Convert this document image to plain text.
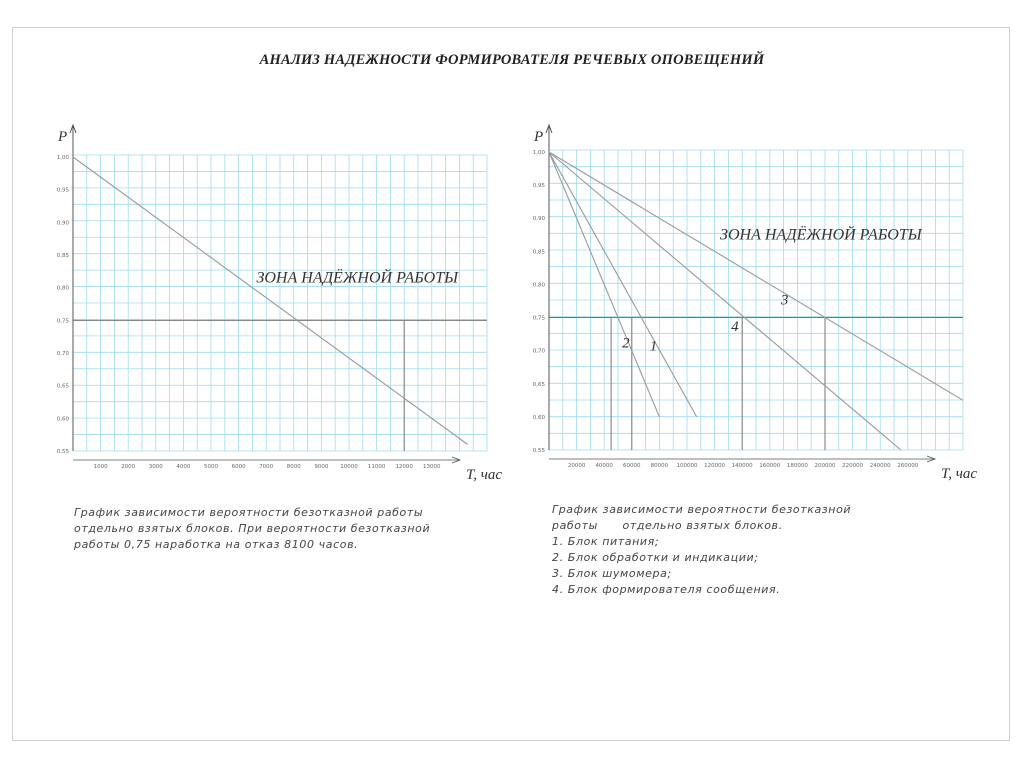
АНАЛИЗ НАДЕЖНОСТИ ФОРМИРОВАТЕЛЯ РЕЧЕВЫХ ОПОВЕЩЕНИЙ
P
T, час
0,55
0,60
0,65
0,70
0,75
0,80
0,85
0,90
0,95
1,00
1000 2000 3000 4000 5000 6000 7000 8000 9000 10000 11000 12000 13000
ЗОНА НАДЁЖНОЙ РАБОТЫ
P
T, час
0,55
0,60
0,65
0,70
0,75
0,80
0,85
0,90
0,95
1,00
20000 40000 60000 80000 100000 120000 140000 160000 180000 200000 220000 240000 260000
1
2
3
4
ЗОНА НАДЁЖНОЙ РАБОТЫ
График зависимости вероятности безотказной работы
отдельно взятых блоков. При вероятности безотказной
работы 0,75 наработка на отказ 8100 часов.
График зависимости вероятности безотказной
работы      отдельно взятых блоков.
1. Блок питания;
2. Блок обработки и индикации;
3. Блок шумомера;
4. Блок формирователя сообщения.
